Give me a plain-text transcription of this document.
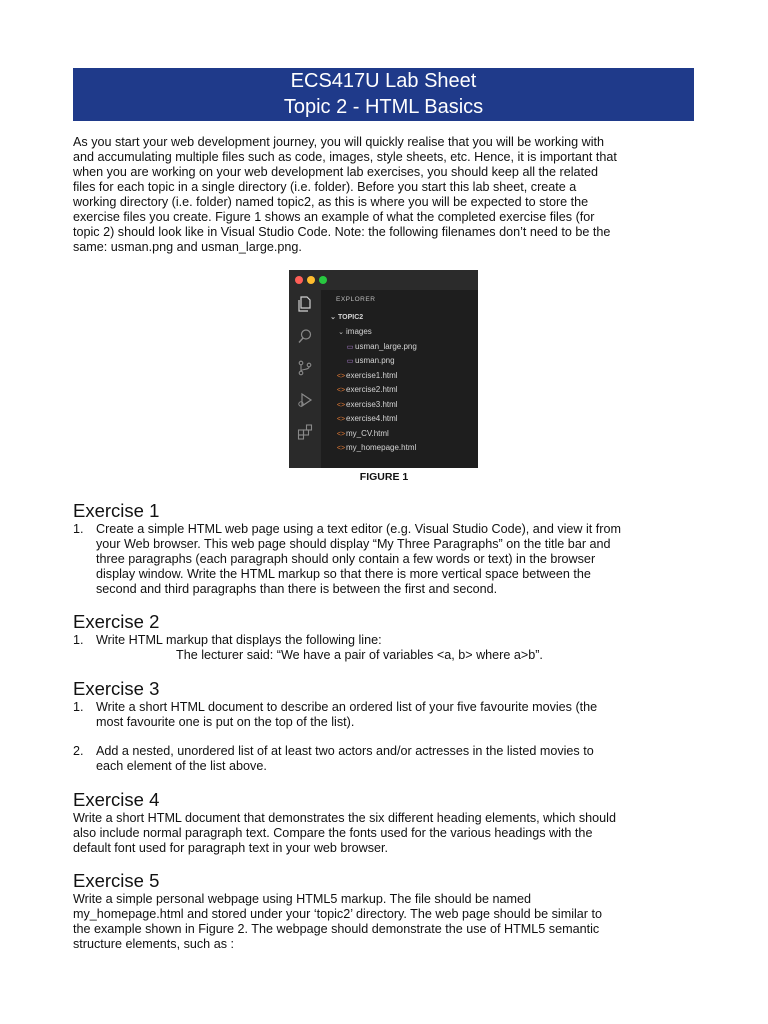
ECS417U Lab Sheet
Topic 2 - HTML Basics
As you start your web development journey, you will quickly realise that you will be working with
and accumulating multiple files such as code, images, style sheets, etc. Hence, it is important that
when you are working on your web development lab exercises, you should keep all the related
files for each topic in a single directory (i.e. folder). Before you start this lab sheet, create a
working directory (i.e. folder) named topic2, as this is where you will be expected to store the
exercise files you create. Figure 1 shows an example of what the completed exercise files (for
topic 2) should look like in Visual Studio Code. Note: the following filenames don’t need to be the
same: usman.png and usman_large.png.
EXPLORER
⌄ TOPIC2
⌄ images
▭ usman_large.png
▭ usman.png
<>exercise1.html
<>exercise2.html
<>exercise3.html
<>exercise4.html
<>my_CV.html
<>my_homepage.html
FIGURE 1
Exercise 1
1. Create a simple HTML web page using a text editor (e.g. Visual Studio Code), and view it from
your Web browser. This web page should display “My Three Paragraphs” on the title bar and
three paragraphs (each paragraph should only contain a few words or text) in the browser
display window. Write the HTML markup so that there is more vertical space between the
second and third paragraphs than there is between the first and second.
Exercise 2
1. Write HTML markup that displays the following line:
The lecturer said: “We have a pair of variables <a, b> where a>b”.
Exercise 3
1. Write a short HTML document to describe an ordered list of your five favourite movies (the
most favourite one is put on the top of the list).
2. Add a nested, unordered list of at least two actors and/or actresses in the listed movies to
each element of the list above.
Exercise 4
Write a short HTML document that demonstrates the six different heading elements, which should
also include normal paragraph text. Compare the fonts used for the various headings with the
default font used for paragraph text in your web browser.
Exercise 5
Write a simple personal webpage using HTML5 markup. The file should be named
my_homepage.html and stored under your ‘topic2’ directory. The web page should be similar to
the example shown in Figure 2. The webpage should demonstrate the use of HTML5 semantic
structure elements, such as :
